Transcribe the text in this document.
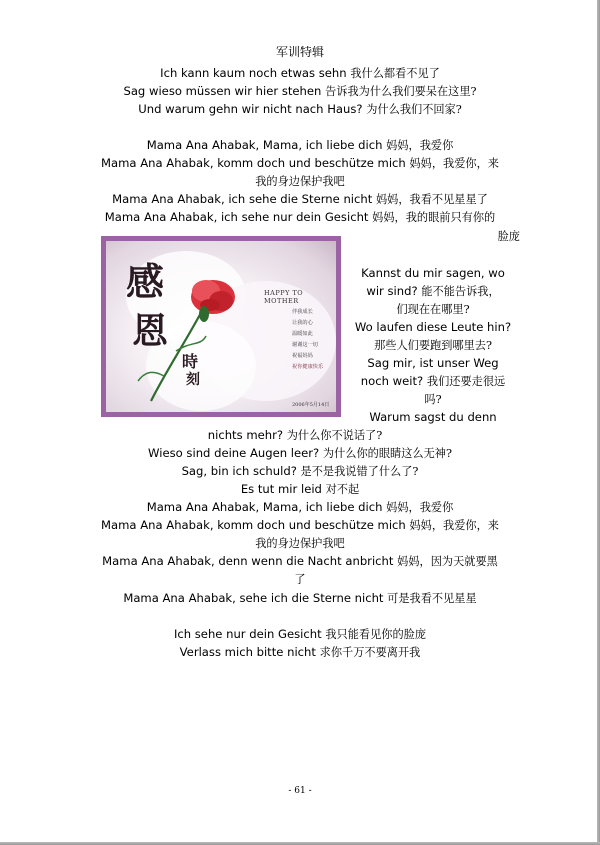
军训特辑
Ich kann kaum noch etwas sehn 我什么都看不见了
Sag wieso müssen wir hier stehen 告诉我为什么我们要呆在这里?
Und warum gehn wir nicht nach Haus? 为什么我们不回家?
Mama Ana Ahabak, Mama, ich liebe dich 妈妈，我爱你
Mama Ana Ahabak, komm doch und beschütze mich 妈妈，我爱你，来
我的身边保护我吧
Mama Ana Ahabak, ich sehe die Sterne nicht 妈妈，我看不见星星了
Mama Ana Ahabak, ich sehe nur dein Gesicht 妈妈，我的眼前只有你的
脸庞
Kannst du mir sagen, wo
wir sind? 能不能告诉我，
们现在在哪里?
Wo laufen diese Leute hin?
那些人们要跑到哪里去?
Sag mir, ist unser Weg
noch weit? 我们还要走很远
吗?
Warum sagst du denn
感
恩
時
刻
HAPPY TO MOTHER
伴我成长
让我的心
温暖如此
谢谢这一切
祝福妈妈
祝你健康快乐
2006年5月14日
nichts mehr? 为什么你不说话了?
Wieso sind deine Augen leer? 为什么你的眼睛这么无神?
Sag, bin ich schuld? 是不是我说错了什么了?
Es tut mir leid 对不起
Mama Ana Ahabak, Mama, ich liebe dich 妈妈，我爱你
Mama Ana Ahabak, komm doch und beschütze mich 妈妈，我爱你，来
我的身边保护我吧
Mama Ana Ahabak, denn wenn die Nacht anbricht 妈妈，因为天就要黑
了
Mama Ana Ahabak, sehe ich die Sterne nicht 可是我看不见星星
Ich sehe nur dein Gesicht 我只能看见你的脸庞
Verlass mich bitte nicht 求你千万不要离开我
- 61 -
